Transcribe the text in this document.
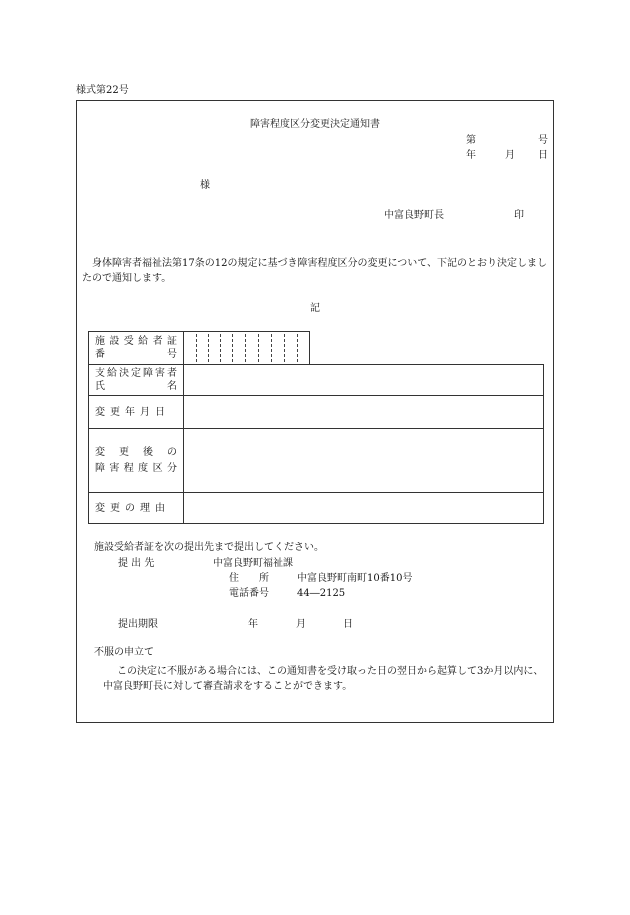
様式第22号
障害程度区分変更決定通知書
第	号
年	月 日
様
中富良野町長	印
身体障害者福祉法第17条の12の規定に基づき障害程度区分の変更について、下記のとおり決定しましたので通知します。
記
施 設 受 給 者 証
番	号
支 給 決 定 障 害 者
氏	名
変更年月日
変 更 後 の
障 害 程 度 区 分
変更の理由
施設受給者証を次の提出先まで提出してください。
提 出 先	中富良野町福祉課
住　　所	中富良野町南町10番10号
電話番号	44―2125
提出期限	年	月	日
不服の申立て
この決定に不服がある場合には、この通知書を受け取った日の翌日から起算して3か月以内に、中富良野町長に対して審査請求をすることができます。
